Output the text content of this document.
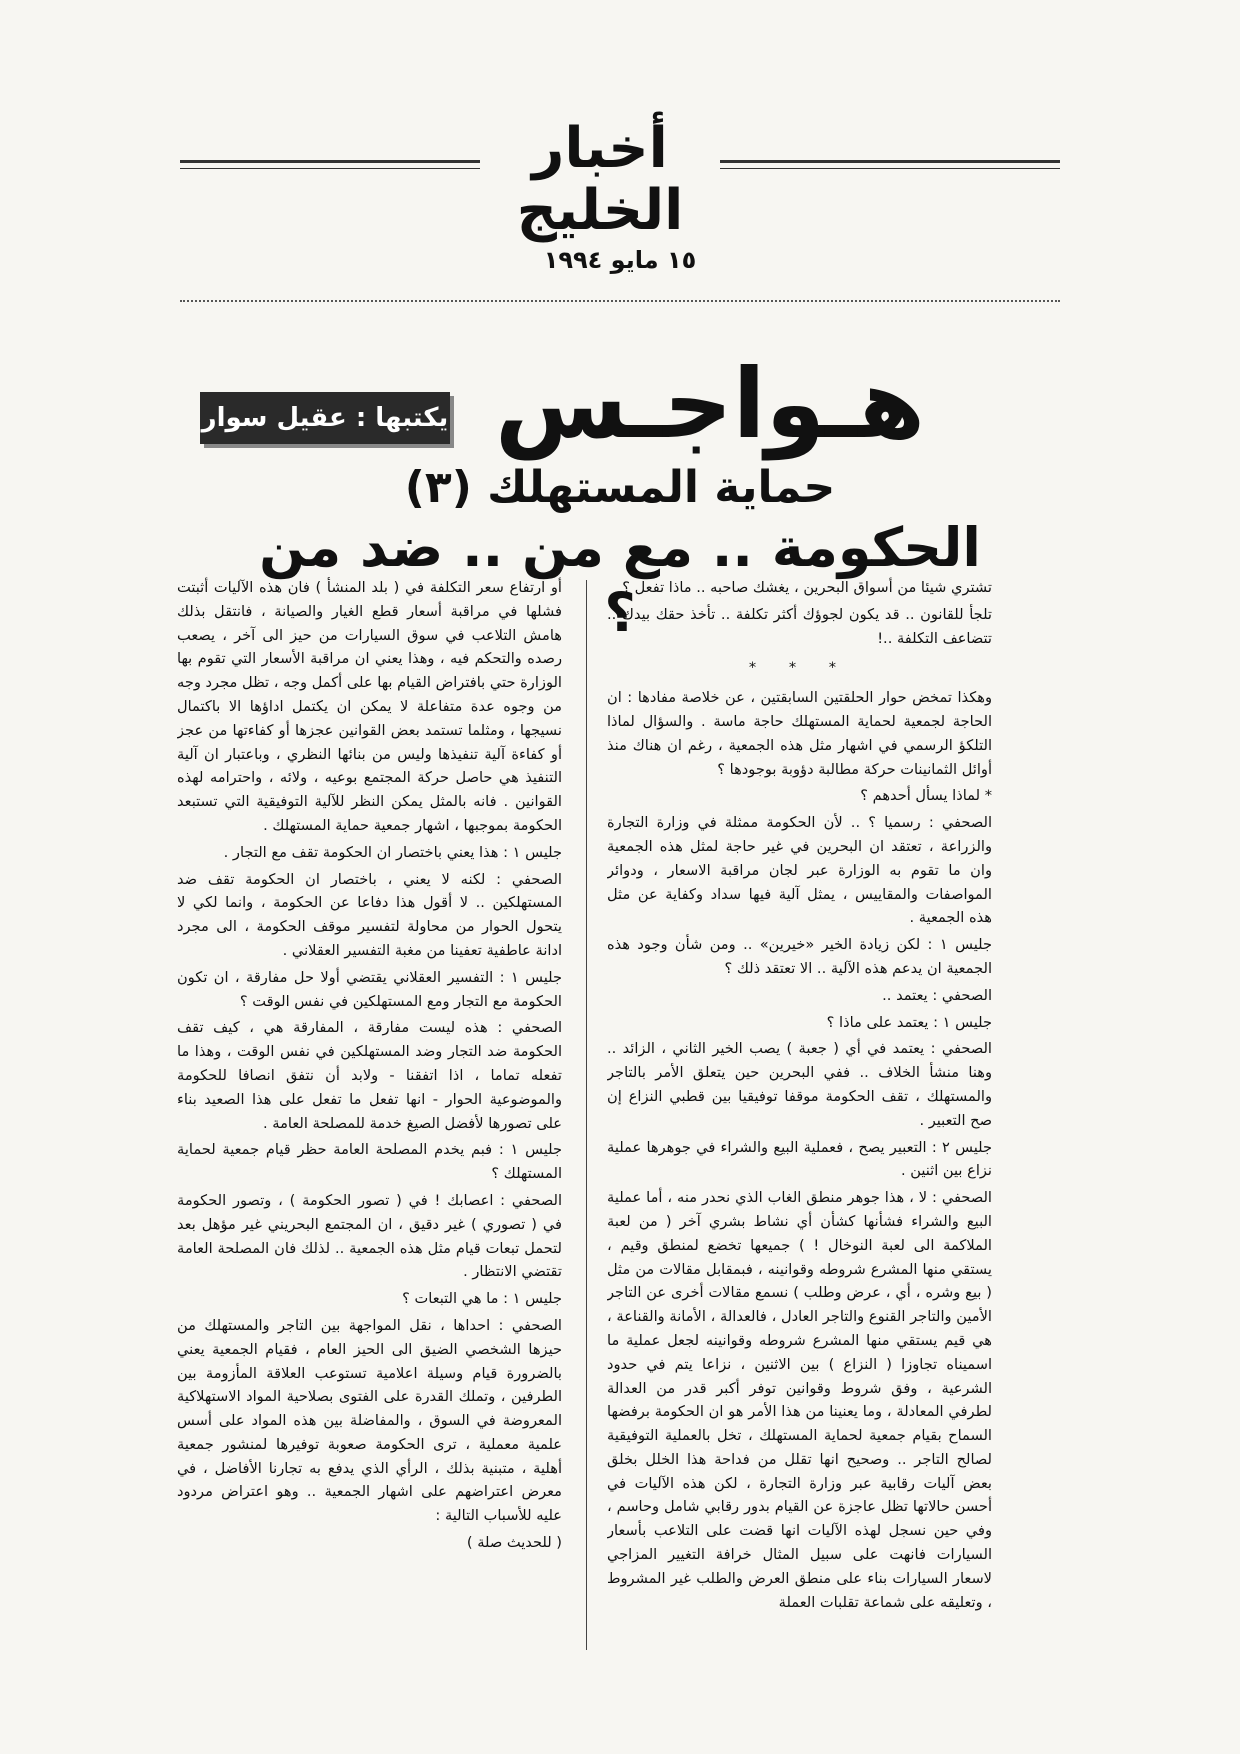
أخبار الخليج
١٥ مايو ١٩٩٤
هـواجـس
يكتبها : عقيل سوار
حماية المستهلك (٣)
الحكومة .. مع من .. ضد من ؟

تشتري شيئا من أسواق البحرين ، يغشك صاحبه .. ماذا تفعل ؟

تلجأ للقانون .. قد يكون لجوؤك أكثر تكلفة .. تأخذ حقك بيدك .. تتضاعف التكلفة ..!

* * *

وهكذا تمخض حوار الحلقتين السابقتين ، عن خلاصة مفادها : ان الحاجة لجمعية لحماية المستهلك حاجة ماسة . والسؤال لماذا التلكؤ الرسمي في اشهار مثل هذه الجمعية ، رغم ان هناك منذ أوائل الثمانينات حركة مطالبة دؤوبة بوجودها ؟

* لماذا يسأل أحدهم ؟

الصحفي : رسميا ؟ .. لأن الحكومة ممثلة في وزارة التجارة والزراعة ، تعتقد ان البحرين في غير حاجة لمثل هذه الجمعية وان ما تقوم به الوزارة عبر لجان مراقبة الاسعار ، ودوائر المواصفات والمقاييس ، يمثل آلية فيها سداد وكفاية عن مثل هذه الجمعية .

جليس ١ : لكن زيادة الخير «خيرين» .. ومن شأن وجود هذه الجمعية ان يدعم هذه الآلية .. الا تعتقد ذلك ؟

الصحفي : يعتمد ..

جليس ١ : يعتمد على ماذا ؟

الصحفي : يعتمد في أي ( جعبة ) يصب الخير الثاني ، الزائد .. وهنا منشأ الخلاف .. ففي البحرين حين يتعلق الأمر بالتاجر والمستهلك ، تقف الحكومة موقفا توفيقيا بين قطبي النزاع إن صح التعبير .

جليس ٢ : التعبير يصح ، فعملية البيع والشراء في جوهرها عملية نزاع بين اثنين .

الصحفي : لا ، هذا جوهر منطق الغاب الذي نحدر منه ، أما عملية البيع والشراء فشأنها كشأن أي نشاط بشري آخر ( من لعبة الملاكمة الى لعبة النوخال ! ) جميعها تخضع لمنطق وقيم ، يستقي منها المشرع شروطه وقوانينه ، فبمقابل مقالات من مثل ( بيع وشره ، أي ، عرض وطلب ) نسمع مقالات أخرى عن التاجر الأمين والتاجر القنوع والتاجر العادل ، فالعدالة ، الأمانة والقناعة ، هي قيم يستقي منها المشرع شروطه وقوانينه لجعل عملية ما اسميناه تجاوزا ( النزاع ) بين الاثنين ، نزاعا يتم في حدود الشرعية ، وفق شروط وقوانين توفر أكبر قدر من العدالة لطرفي المعادلة ، وما يعنينا من هذا الأمر هو ان الحكومة برفضها السماح بقيام جمعية لحماية المستهلك ، تخل بالعملية التوفيقية لصالح التاجر .. وصحيح انها تقلل من فداحة هذا الخلل بخلق بعض آليات رقابية عبر وزارة التجارة ، لكن هذه الآليات في أحسن حالاتها تظل عاجزة عن القيام بدور رقابي شامل وحاسم ، وفي حين نسجل لهذه الآليات انها قضت على التلاعب بأسعار السيارات فانهت على سبيل المثال خرافة التغيير المزاجي لاسعار السيارات بناء على منطق العرض والطلب غير المشروط ، وتعليقه على شماعة تقلبات العملة

أو ارتفاع سعر التكلفة في ( بلد المنشأ ) فان هذه الآليات أثبتت فشلها في مراقبة أسعار قطع الغيار والصيانة ، فانتقل بذلك هامش التلاعب في سوق السيارات من حيز الى آخر ، يصعب رصده والتحكم فيه ، وهذا يعني ان مراقبة الأسعار التي تقوم بها الوزارة حتي بافتراض القيام بها على أكمل وجه ، تظل مجرد وجه من وجوه عدة متفاعلة لا يمكن ان يكتمل اداؤها الا باكتمال نسيجها ، ومثلما تستمد بعض القوانين عجزها أو كفاءتها من عجز أو كفاءة آلية تنفيذها وليس من بنائها النظري ، وباعتبار ان آلية التنفيذ هي حاصل حركة المجتمع بوعيه ، ولائه ، واحترامه لهذه القوانين . فانه بالمثل يمكن النظر للآلية التوفيقية التي تستبعد الحكومة بموجبها ، اشهار جمعية حماية المستهلك .

جليس ١ : هذا يعني باختصار ان الحكومة تقف مع التجار .

الصحفي : لكنه لا يعني ، باختصار ان الحكومة تقف ضد المستهلكين .. لا أقول هذا دفاعا عن الحكومة ، وانما لكي لا يتحول الحوار من محاولة لتفسير موقف الحكومة ، الى مجرد ادانة عاطفية تعفينا من مغبة التفسير العقلاني .

جليس ١ : التفسير العقلاني يقتضي أولا حل مفارقة ، ان تكون الحكومة مع التجار ومع المستهلكين في نفس الوقت ؟

الصحفي : هذه ليست مفارقة ، المفارقة هي ، كيف تقف الحكومة ضد التجار وضد المستهلكين في نفس الوقت ، وهذا ما تفعله تماما ، اذا اتفقنا - ولابد أن نتفق انصافا للحكومة والموضوعية الحوار - انها تفعل ما تفعل على هذا الصعيد بناء على تصورها لأفضل الصيغ خدمة للمصلحة العامة .

جليس ١ : فبم يخدم المصلحة العامة حظر قيام جمعية لحماية المستهلك ؟

الصحفي : اعصابك ! في ( تصور الحكومة ) ، وتصور الحكومة في ( تصوري ) غير دقيق ، ان المجتمع البحريني غير مؤهل بعد لتحمل تبعات قيام مثل هذه الجمعية .. لذلك فان المصلحة العامة تقتضي الانتظار .

جليس ١ : ما هي التبعات ؟

الصحفي : احداها ، نقل المواجهة بين التاجر والمستهلك من حيزها الشخصي الضيق الى الحيز العام ، فقيام الجمعية يعني بالضرورة قيام وسيلة اعلامية تستوعب العلاقة المأزومة بين الطرفين ، وتملك القدرة على الفتوى بصلاحية المواد الاستهلاكية المعروضة في السوق ، والمفاضلة بين هذه المواد على أسس علمية معملية ، ترى الحكومة صعوبة توفيرها لمنشور جمعية أهلية ، متبنية بذلك ، الرأي الذي يدفع به تجارنا الأفاضل ، في معرض اعتراضهم على اشهار الجمعية .. وهو اعتراض مردود عليه للأسباب التالية :

( للحديث صلة )
